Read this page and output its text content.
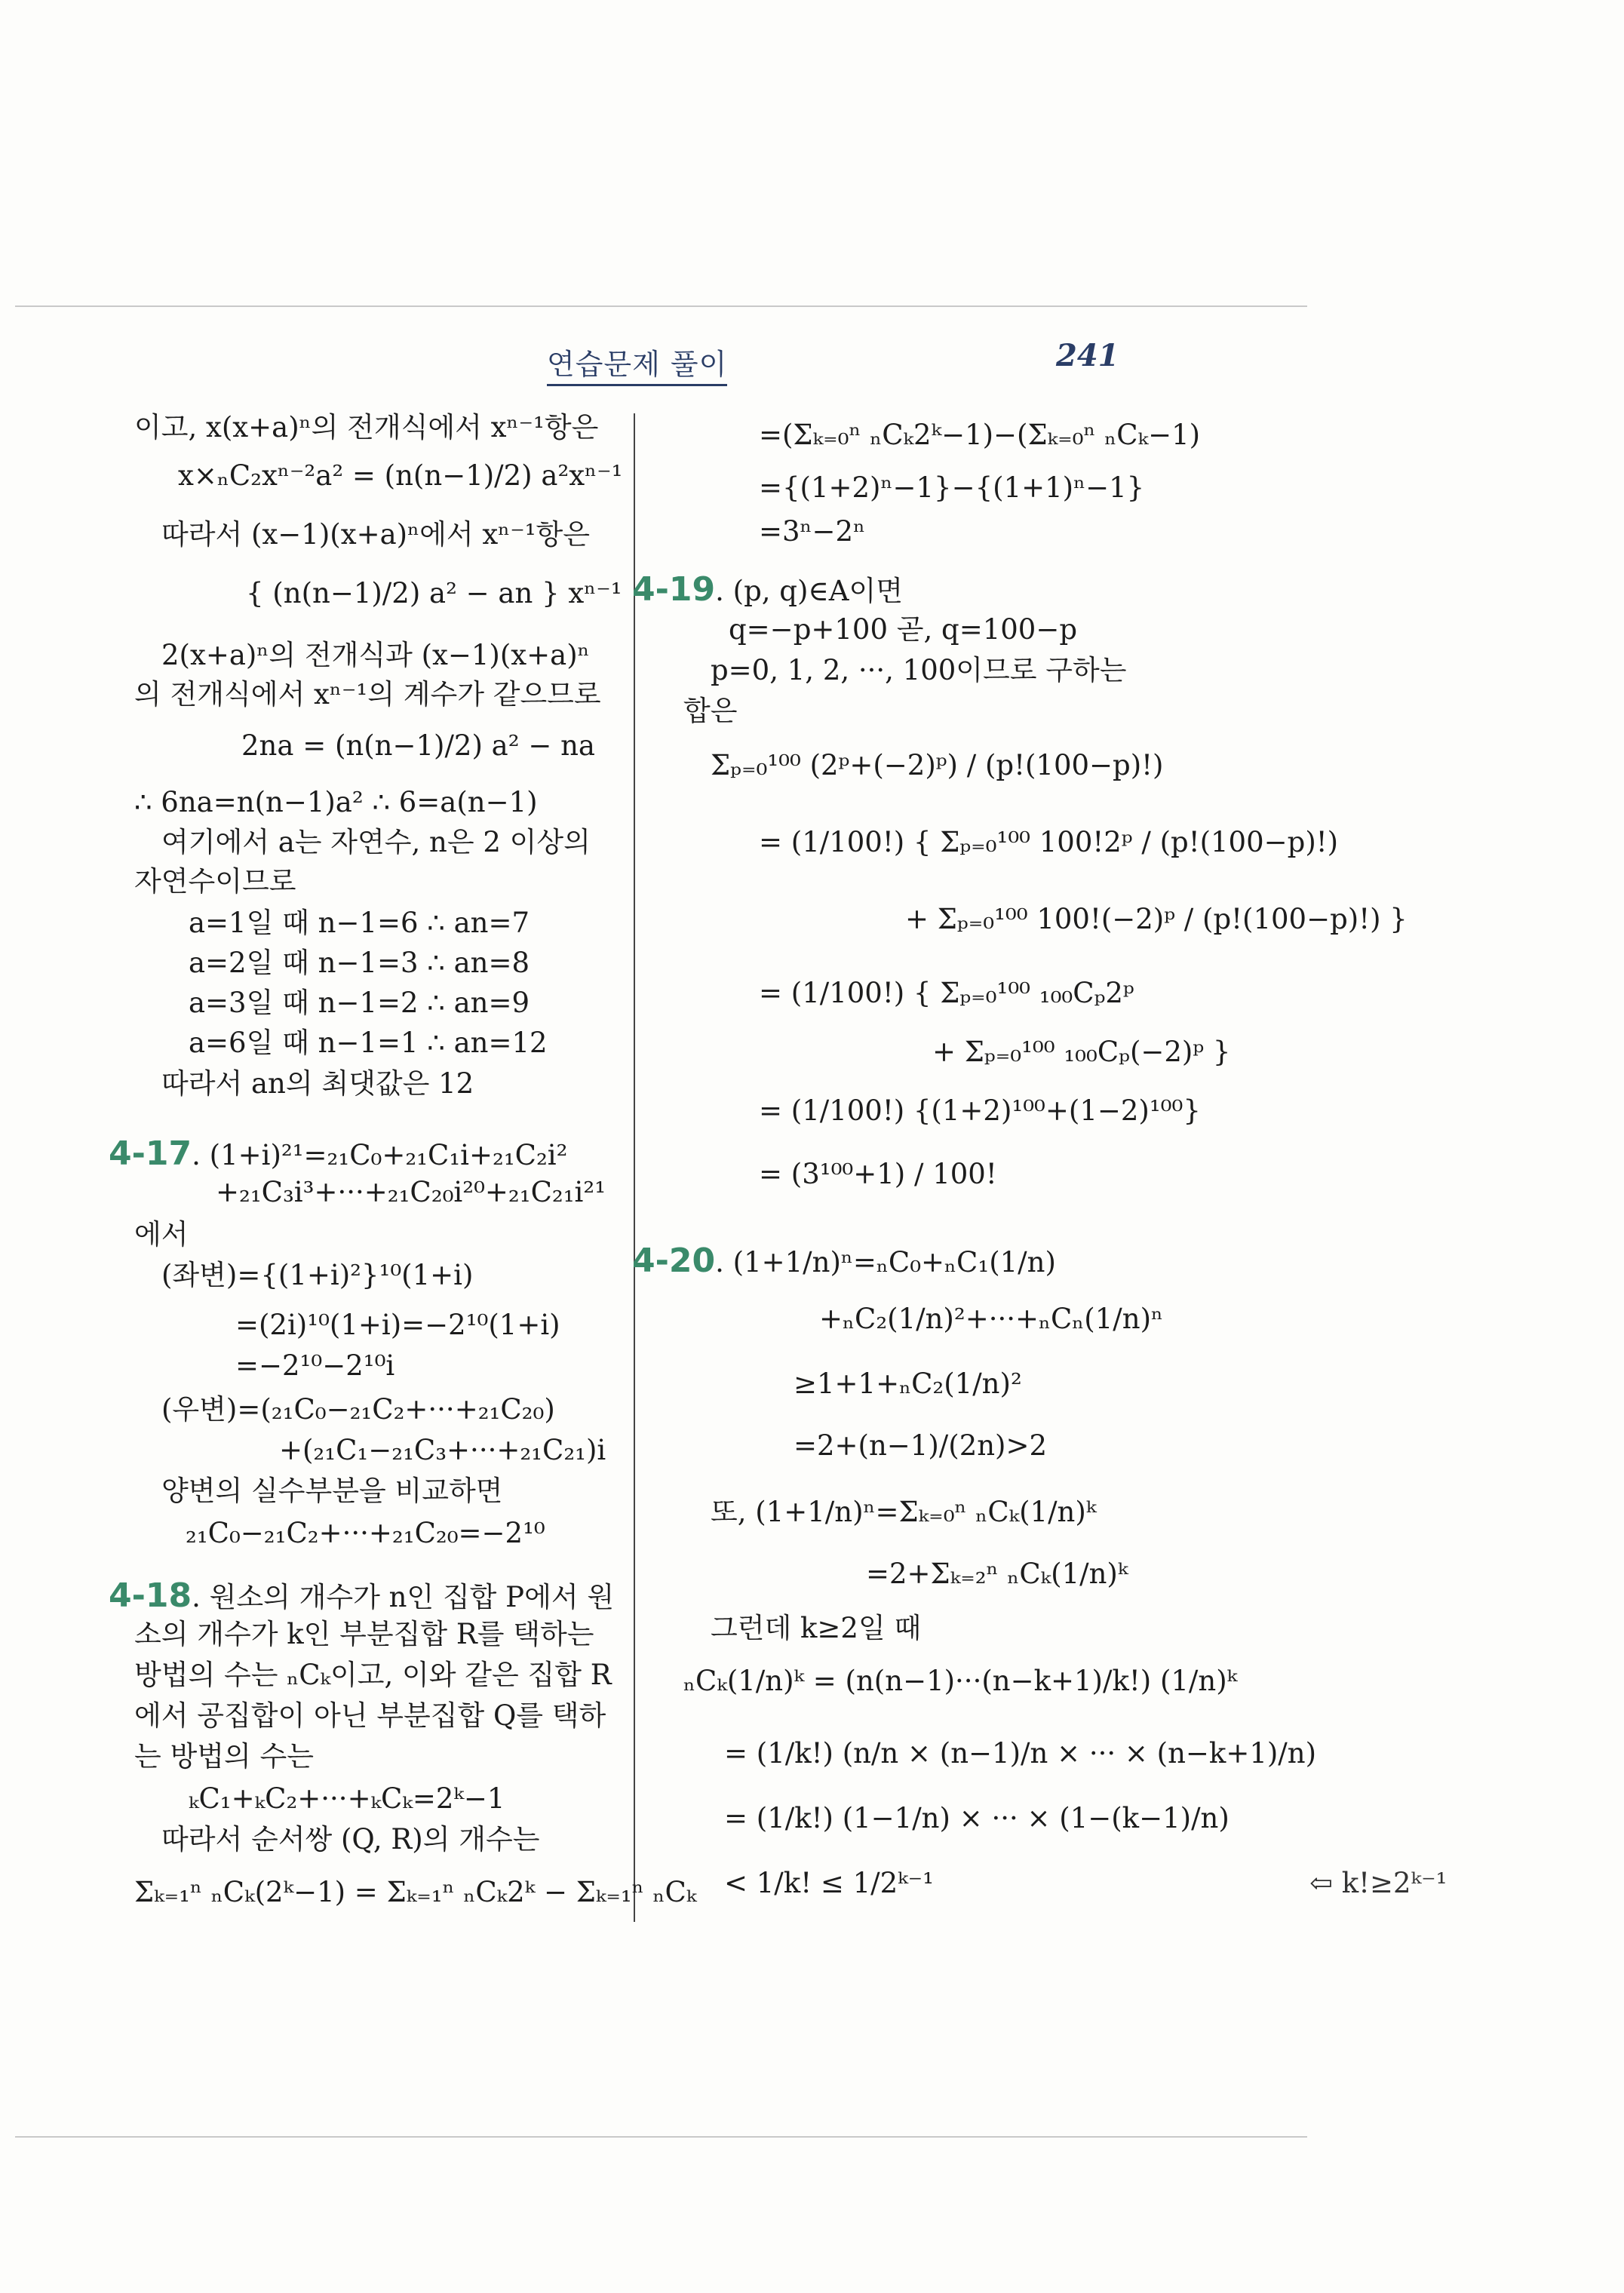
연습문제 풀이	241
이고, x(x+a)ⁿ의 전개식에서 xⁿ⁻¹항은
x×ₙC₂xⁿ⁻²a² = (n(n−1)/2) a²xⁿ⁻¹
따라서 (x−1)(x+a)ⁿ에서 xⁿ⁻¹항은
{ (n(n−1)/2) a² − an } xⁿ⁻¹
2(x+a)ⁿ의 전개식과 (x−1)(x+a)ⁿ
의 전개식에서 xⁿ⁻¹의 계수가 같으므로
2na = (n(n−1)/2) a² − na
∴ 6na=n(n−1)a² ∴ 6=a(n−1)
여기에서 a는 자연수, n은 2 이상의
자연수이므로
a=1일 때 n−1=6 ∴ an=7
a=2일 때 n−1=3 ∴ an=8
a=3일 때 n−1=2 ∴ an=9
a=6일 때 n−1=1 ∴ an=12
따라서 an의 최댓값은 12
4-17. (1+i)²¹=₂₁C₀+₂₁C₁i+₂₁C₂i²
+₂₁C₃i³+···+₂₁C₂₀i²⁰+₂₁C₂₁i²¹
에서
(좌변)={(1+i)²}¹⁰(1+i)
=(2i)¹⁰(1+i)=−2¹⁰(1+i)
=−2¹⁰−2¹⁰i
(우변)=(₂₁C₀−₂₁C₂+···+₂₁C₂₀)
+(₂₁C₁−₂₁C₃+···+₂₁C₂₁)i
양변의 실수부분을 비교하면
₂₁C₀−₂₁C₂+···+₂₁C₂₀=−2¹⁰
4-18. 원소의 개수가 n인 집합 P에서 원
소의 개수가 k인 부분집합 R를 택하는
방법의 수는 ₙCₖ이고, 이와 같은 집합 R
에서 공집합이 아닌 부분집합 Q를 택하
는 방법의 수는
ₖC₁+ₖC₂+···+ₖCₖ=2ᵏ−1
따라서 순서쌍 (Q, R)의 개수는
Σₖ₌₁ⁿ ₙCₖ(2ᵏ−1) = Σₖ₌₁ⁿ ₙCₖ2ᵏ − Σₖ₌₁ⁿ ₙCₖ
=(Σₖ₌₀ⁿ ₙCₖ2ᵏ−1)−(Σₖ₌₀ⁿ ₙCₖ−1)
={(1+2)ⁿ−1}−{(1+1)ⁿ−1}
=3ⁿ−2ⁿ
4-19. (p, q)∈A이면
q=−p+100 곧, q=100−p
p=0, 1, 2, ···, 100이므로 구하는
합은
Σₚ₌₀¹⁰⁰ (2ᵖ+(−2)ᵖ) / (p!(100−p)!)
= (1/100!) { Σₚ₌₀¹⁰⁰ 100!2ᵖ / (p!(100−p)!)
+ Σₚ₌₀¹⁰⁰ 100!(−2)ᵖ / (p!(100−p)!) }
= (1/100!) { Σₚ₌₀¹⁰⁰ ₁₀₀Cₚ2ᵖ
+ Σₚ₌₀¹⁰⁰ ₁₀₀Cₚ(−2)ᵖ }
= (1/100!) {(1+2)¹⁰⁰+(1−2)¹⁰⁰}
= (3¹⁰⁰+1) / 100!
4-20. (1+1/n)ⁿ=ₙC₀+ₙC₁(1/n)
+ₙC₂(1/n)²+···+ₙCₙ(1/n)ⁿ
≥1+1+ₙC₂(1/n)²
=2+(n−1)/(2n)>2
또, (1+1/n)ⁿ=Σₖ₌₀ⁿ ₙCₖ(1/n)ᵏ
=2+Σₖ₌₂ⁿ ₙCₖ(1/n)ᵏ
그런데 k≥2일 때
ₙCₖ(1/n)ᵏ = (n(n−1)···(n−k+1)/k!) (1/n)ᵏ
= (1/k!) (n/n × (n−1)/n × ··· × (n−k+1)/n)
= (1/k!) (1−1/n) × ··· × (1−(k−1)/n)
< 1/k! ≤ 1/2ᵏ⁻¹	⇦ k!≥2ᵏ⁻¹
